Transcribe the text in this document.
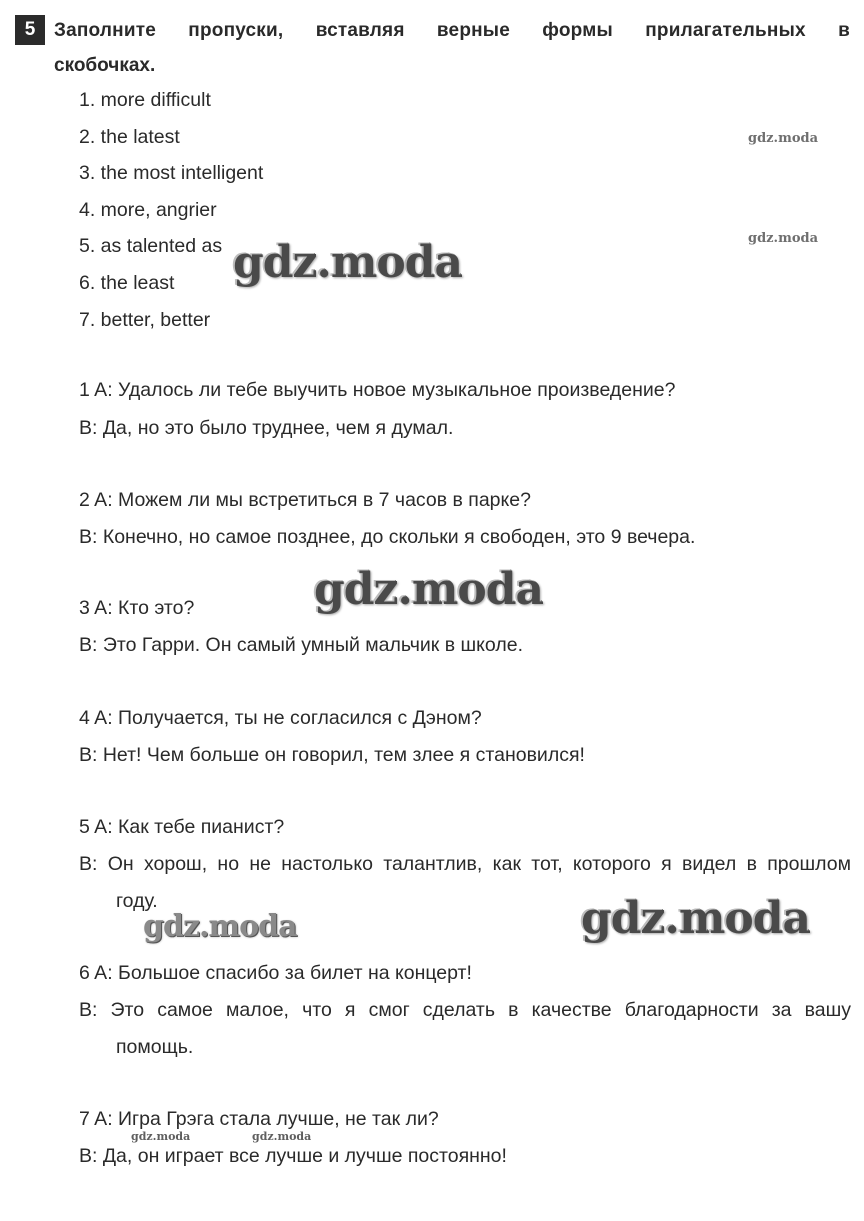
5 Заполните пропуски, вставляя верные формы прилагательных в
скобочках.
1. more difficult
2. the latest
3. the most intelligent
4. more, angrier
5. as talented as
6. the least
7. better, better
1 A: Удалось ли тебе выучить новое музыкальное произведение?
B: Да, но это было труднее, чем я думал.
2 A: Можем ли мы встретиться в 7 часов в парке?
B: Конечно, но самое позднее, до скольки я свободен, это 9 вечера.
3 A: Кто это?
B: Это Гарри. Он самый умный мальчик в школе.
4 A: Получается, ты не согласился с Дэном?
B: Нет! Чем больше он говорил, тем злее я становился!
5 A: Как тебе пианист?
B: Он хорош, но не настолько талантлив, как тот, которого я видел в прошлом
году.
6 A: Большое спасибо за билет на концерт!
B: Это самое малое, что я смог сделать в качестве благодарности за вашу
помощь.
7 A: Игра Грэга стала лучше, не так ли?
B: Да, он играет все лучше и лучше постоянно!
gdz.moda
gdz.moda
gdz.moda
gdz.moda
gdz.moda
gdz.moda
gdz.moda	gdz.moda
